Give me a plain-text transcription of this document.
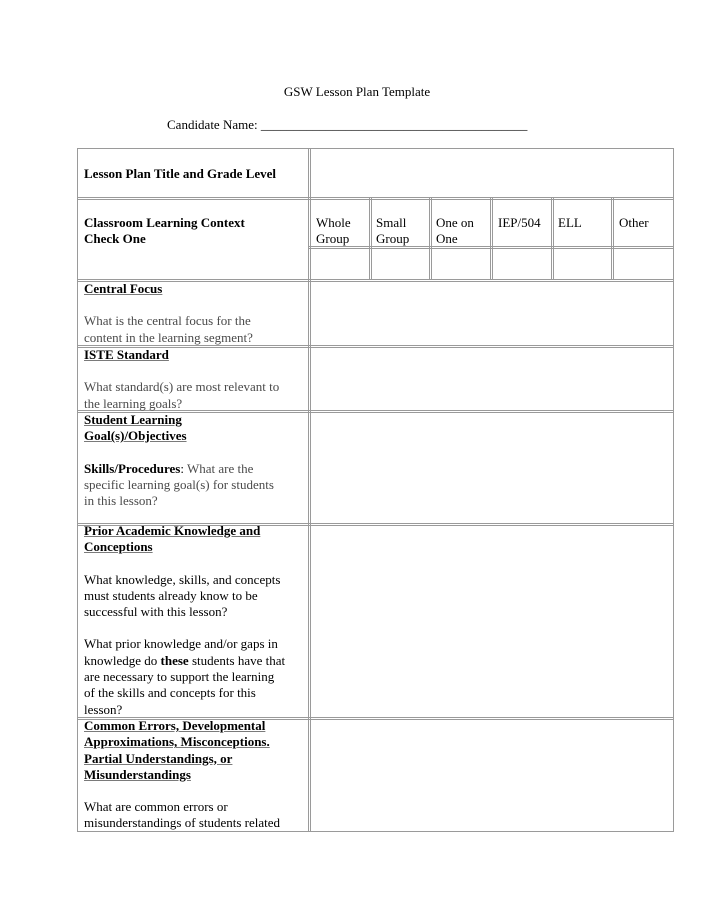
GSW Lesson Plan Template
Candidate Name: _________________________________________
Lesson Plan Title and Grade Level

Classroom Learning Context

Check One

Whole

Group

Small

Group

One on

One

IEP/504	ELL	Other

Central Focus

What is the central focus for the

content in the learning segment?

ISTE Standard

What standard(s) are most relevant to

the learning goals?

Student Learning

Goal(s)/Objectives

Skills/Procedures: What are the

specific learning goal(s) for students

in this lesson?

Prior Academic Knowledge and

Conceptions

What knowledge, skills, and concepts

must students already know to be

successful with this lesson?

What prior knowledge and/or gaps in

knowledge do these students have that

are necessary to support the learning

of the skills and concepts for this

lesson?

Common Errors, Developmental

Approximations, Misconceptions.

Partial Understandings, or

Misunderstandings

What are common errors or

misunderstandings of students related
